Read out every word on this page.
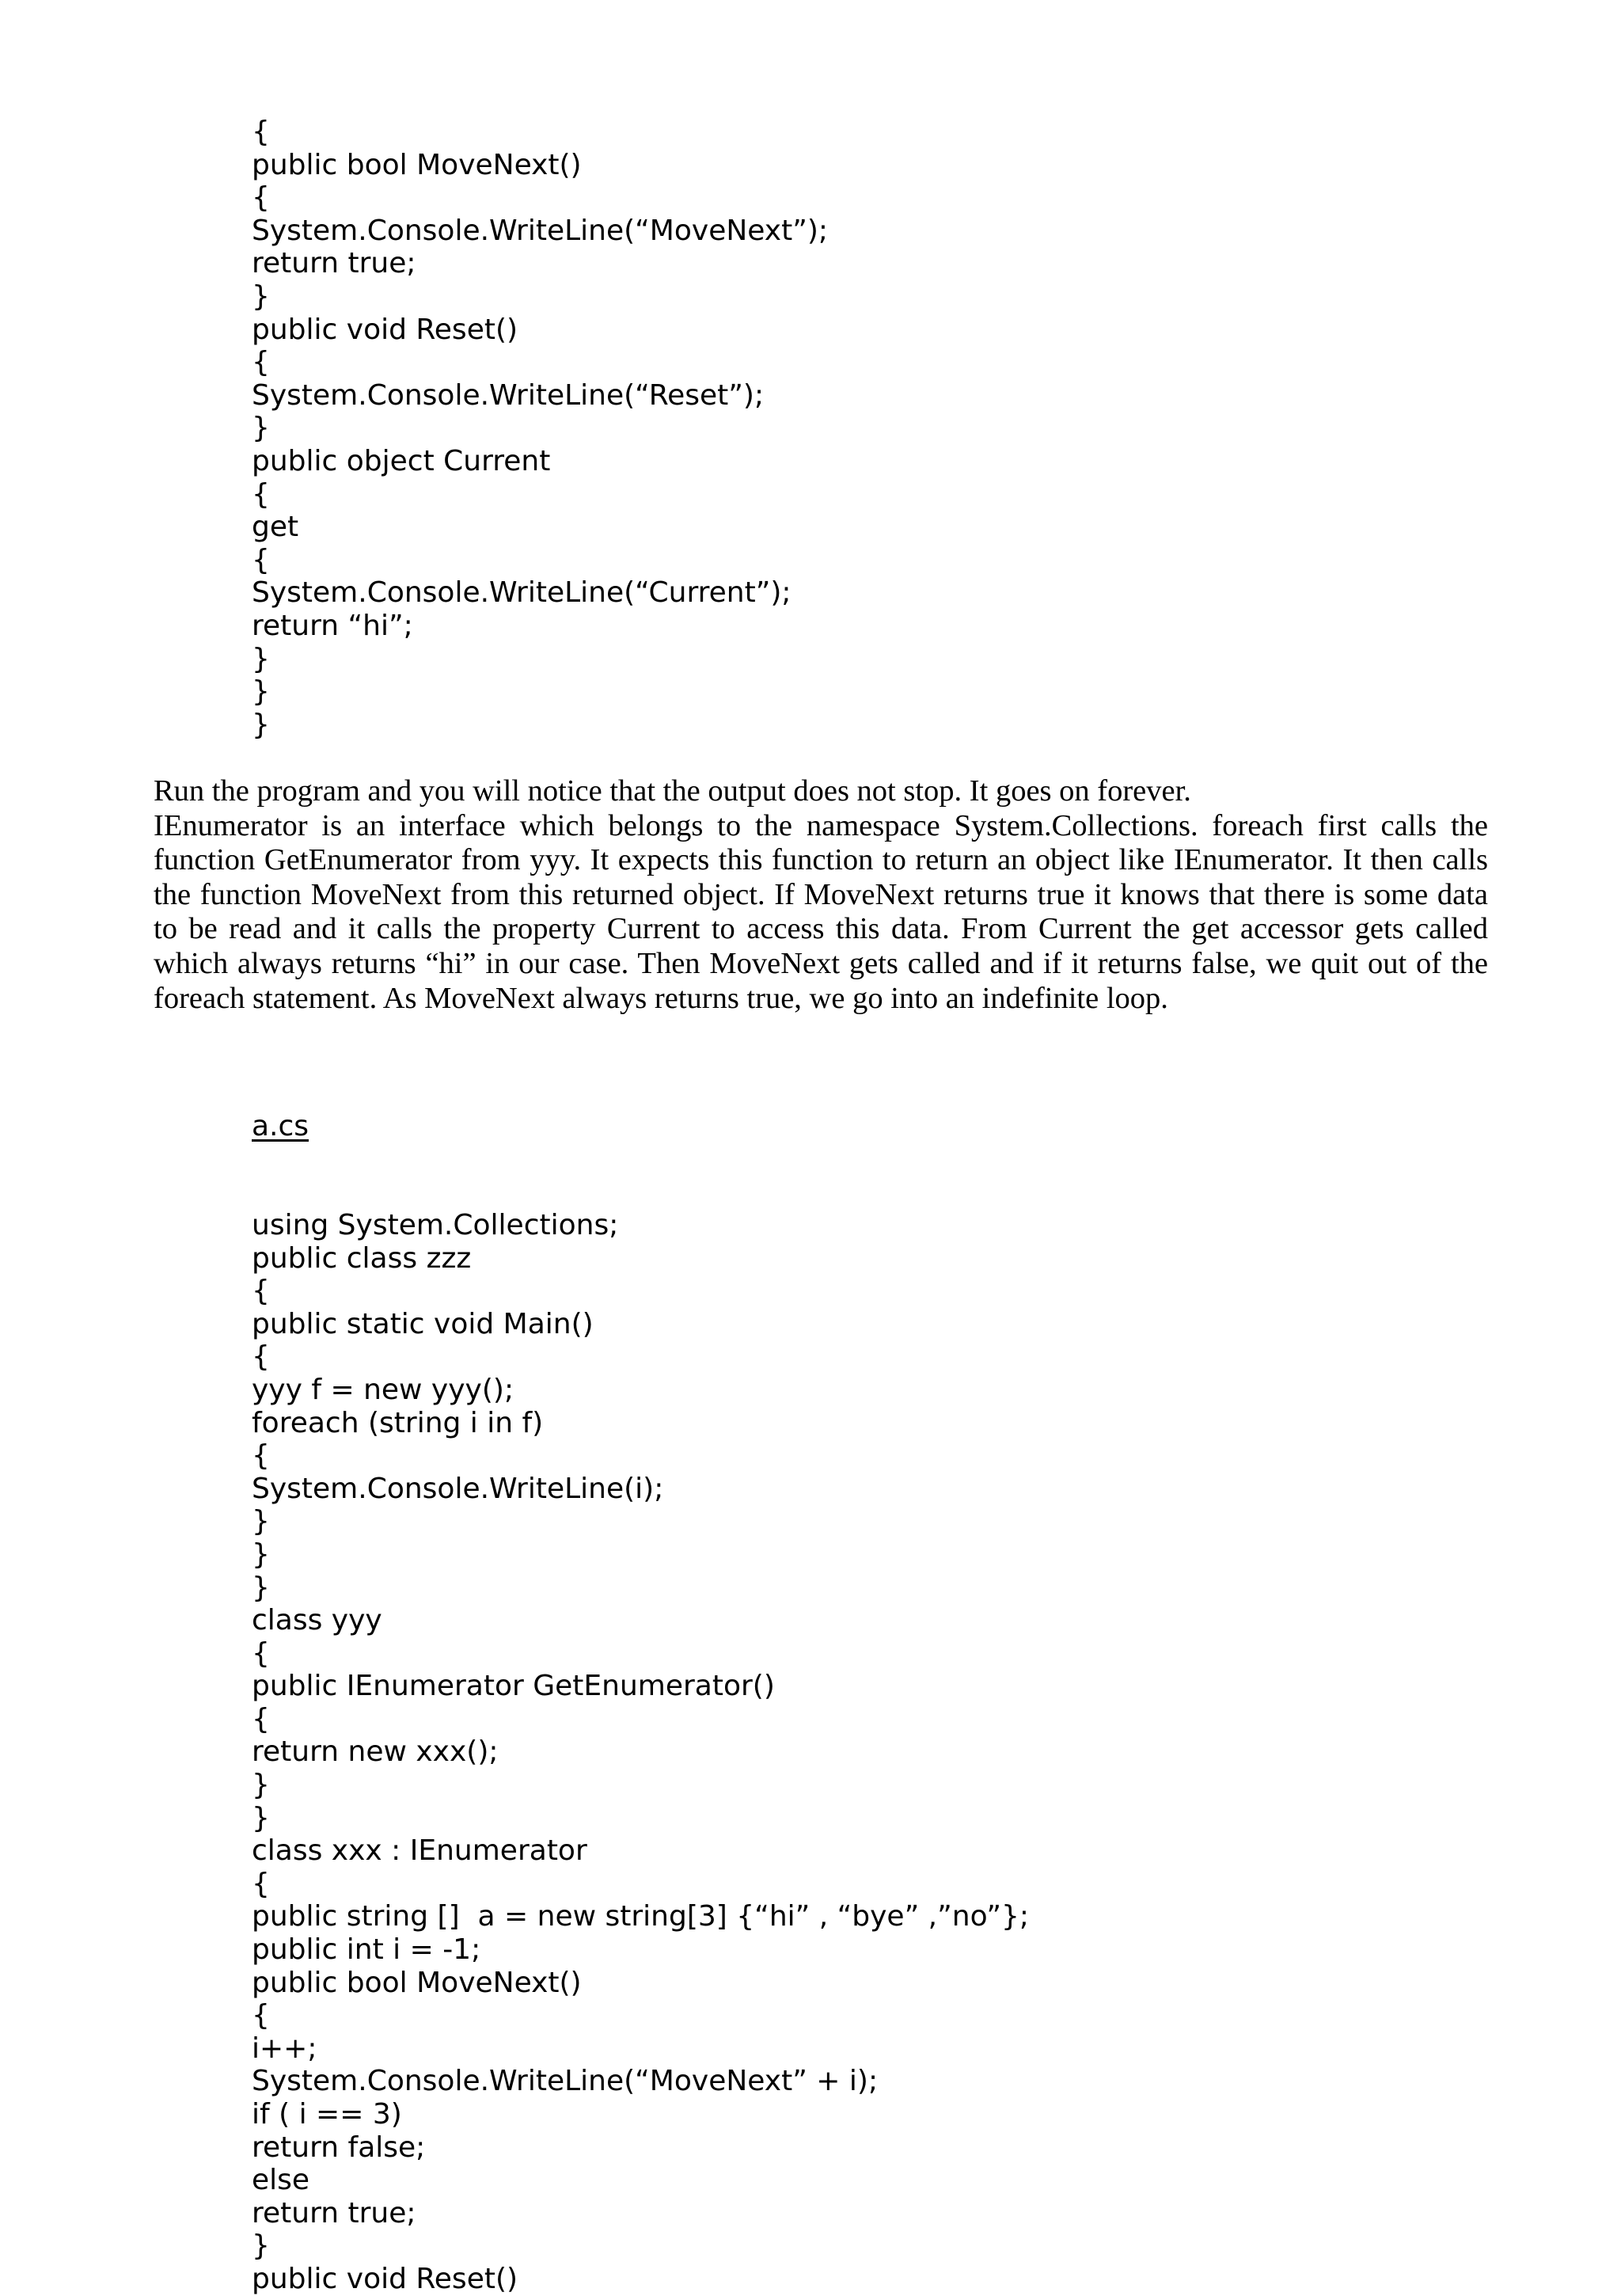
{
public bool MoveNext()
{
System.Console.WriteLine(“MoveNext”);
return true;
}
public void Reset()
{
System.Console.WriteLine(“Reset”);
}
public object Current
{
get
{
System.Console.WriteLine(“Current”);
return “hi”;
}
}
}

Run the program and you will notice that the output does not stop. It goes on forever.

IEnumerator is an interface which belongs to the namespace System.Collections. foreach first calls the function GetEnumerator from yyy. It expects this function to return an object like IEnumerator. It then calls the function MoveNext from this returned object. If MoveNext returns true it knows that there is some data to be read and it calls the property Current to access this data. From Current the get accessor gets called which always returns “hi” in our case. Then MoveNext gets called and if it returns false, we quit out of the foreach statement. As MoveNext always returns true, we go into an indefinite loop.

a.cs

using System.Collections;
public class zzz
{
public static void Main()
{
yyy f = new yyy();
foreach (string i in f)
{
System.Console.WriteLine(i);
}
}
}
class yyy
{
public IEnumerator GetEnumerator()
{
return new xxx();
}
}
class xxx : IEnumerator
{
public string []  a = new string[3] {“hi” , “bye” ,”no”};
public int i = -1;
public bool MoveNext()
{
i++;
System.Console.WriteLine(“MoveNext” + i);
if ( i == 3)
return false;
else
return true;
}
public void Reset()
